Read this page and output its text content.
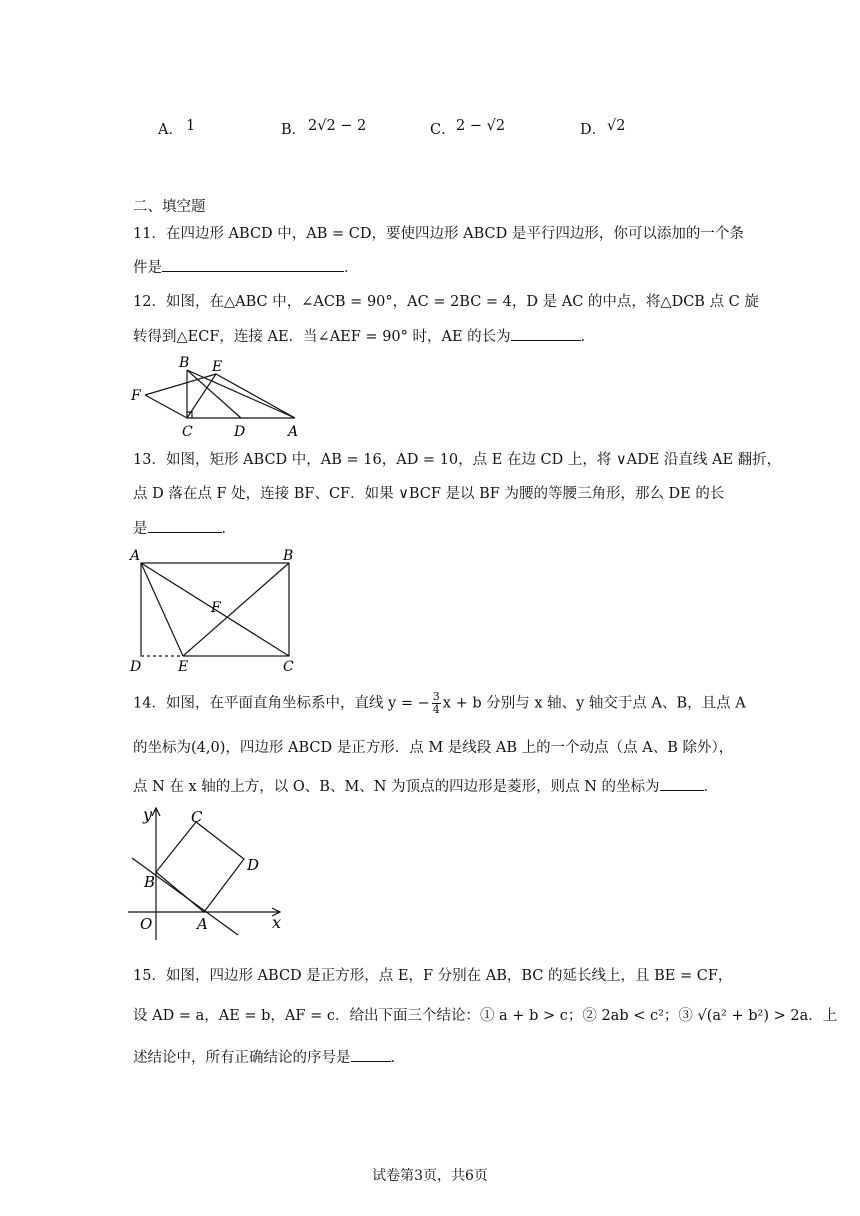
A． 1	B． 2√2 − 2	C． 2 − √2	D． √2
二、填空题
11．在四边形 ABCD 中，AB = CD，要使四边形 ABCD 是平行四边形，你可以添加的一个条
件是	．
12．如图，在△ABC 中，∠ACB = 90°，AC = 2BC = 4，D 是 AC 的中点，将△DCB 点 C 旋
转得到△ECF，连接 AE．当∠AEF = 90° 时，AE 的长为	．
B E
F
C	D	A
13．如图，矩形 ABCD 中，AB = 16，AD = 10，点 E 在边 CD 上，将 ∨ADE 沿直线 AE 翻折，
点 D 落在点 F 处，连接 BF、CF．如果 ∨BCF 是以 BF 为腰的等腰三角形，那么 DE 的长
是	．
A	B
F
D	E	C
14．如图，在平面直角坐标系中，直线 y = − $\frac{3}{4}$ x + b 分别与 x 轴、y 轴交于点 A、B，且点 A
的坐标为(4,0)，四边形 ABCD 是正方形．点 M 是线段 AB 上的一个动点（点 A、B 除外），
点 N 在 x 轴的上方，以 O、B、M、N 为顶点的四边形是菱形，则点 N 的坐标为	．
y
x
C
D
B
O	A
15．如图，四边形 ABCD 是正方形，点 E，F 分别在 AB，BC 的延长线上，且 BE = CF，
设 AD = a，AE = b，AF = c．给出下面三个结论：① a + b > c；② 2ab < c²；③ √(a² + b²) > 2a．上
述结论中，所有正确结论的序号是	．
试卷第3页，共6页
